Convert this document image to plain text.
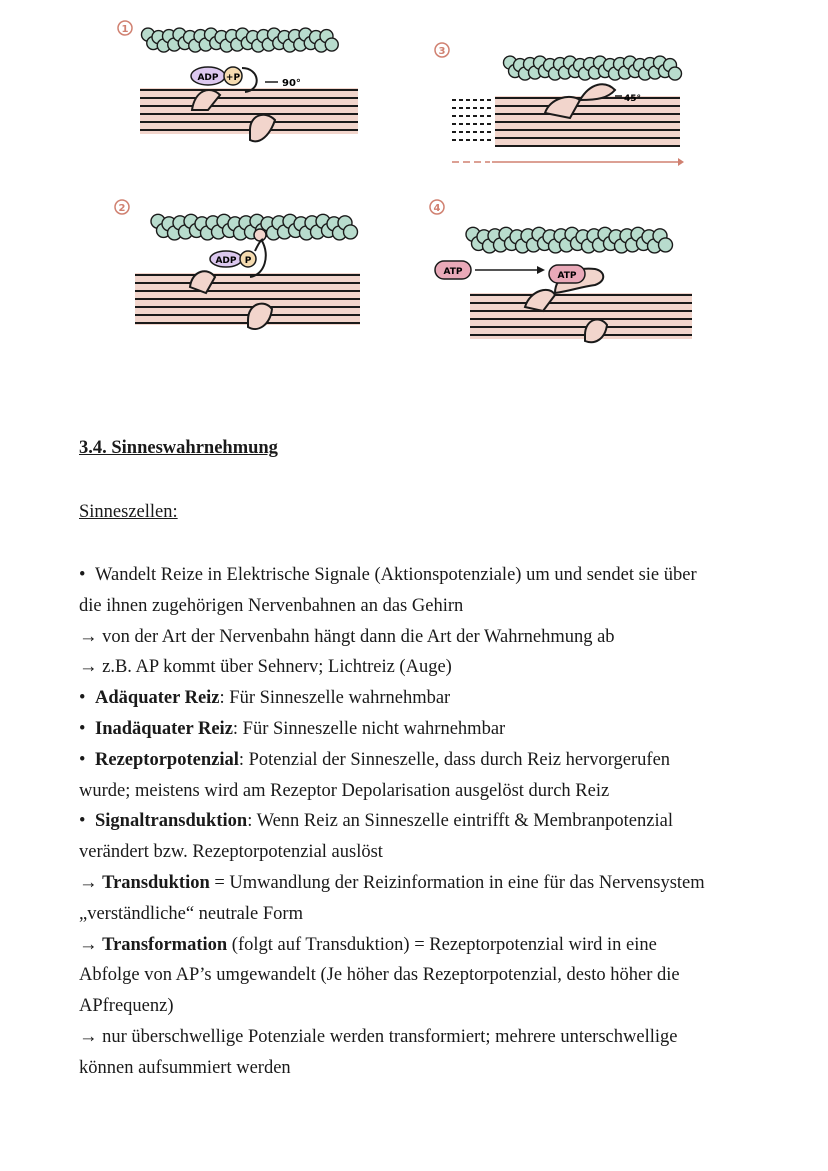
1
ADP +P	90°
2
ADP P
3
45°
4
ATP	ATP
3.4. Sinneswahrnehmung

Sinneszellen:

• Wandelt Reize in Elektrische Signale (Aktionspotenziale) um und sendet sie über
die ihnen zugehörigen Nervenbahnen an das Gehirn
→ von der Art der Nervenbahn hängt dann die Art der Wahrnehmung ab
→ z.B. AP kommt über Sehnerv; Lichtreiz (Auge)
• Adäquater Reiz: Für Sinneszelle wahrnehmbar
• Inadäquater Reiz: Für Sinneszelle nicht wahrnehmbar
• Rezeptorpotenzial: Potenzial der Sinneszelle, dass durch Reiz hervorgerufen
wurde; meistens wird am Rezeptor Depolarisation ausgelöst durch Reiz
• Signaltransduktion: Wenn Reiz an Sinneszelle eintrifft & Membranpotenzial
verändert bzw. Rezeptorpotenzial auslöst
→ Transduktion = Umwandlung der Reizinformation in eine für das Nervensystem
„verständliche“ neutrale Form
→ Transformation (folgt auf Transduktion) = Rezeptorpotenzial wird in eine
Abfolge von AP’s umgewandelt (Je höher das Rezeptorpotenzial, desto höher die
APfrequenz)
→ nur überschwellige Potenziale werden transformiert; mehrere unterschwellige
können aufsummiert werden
